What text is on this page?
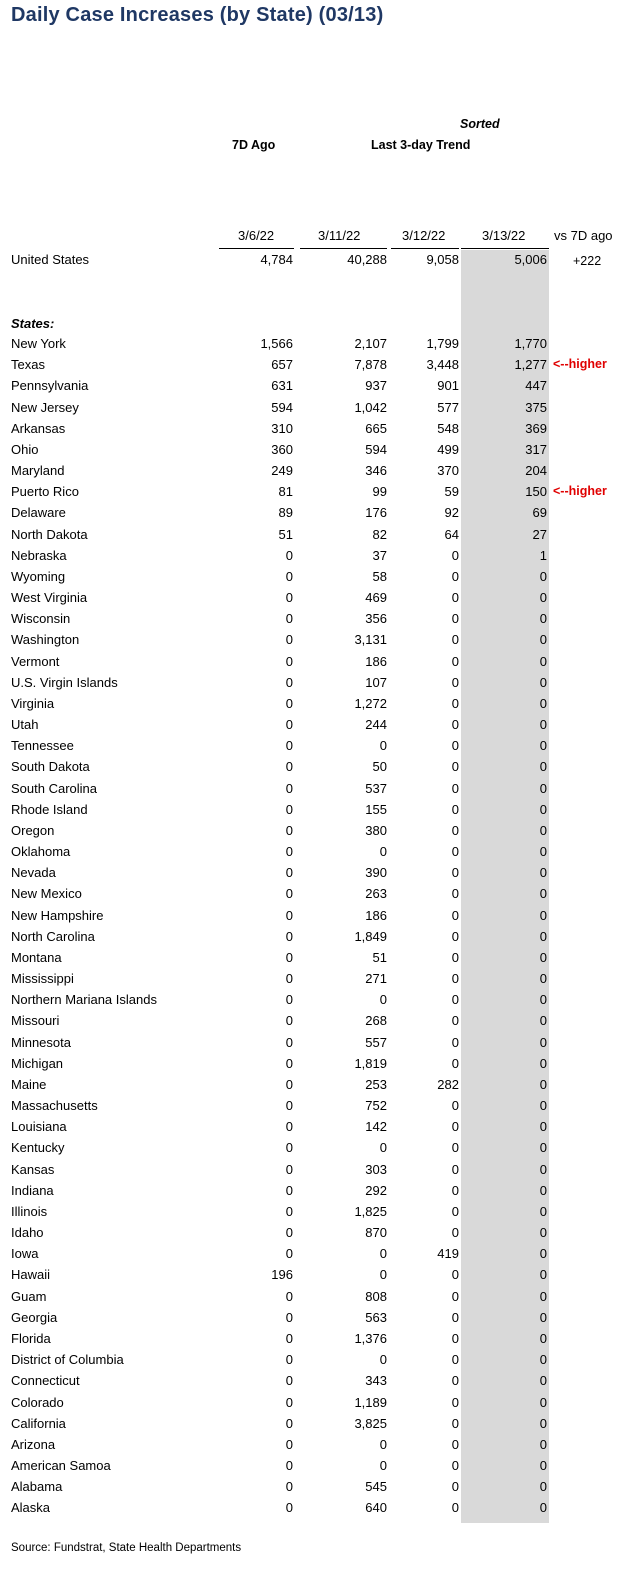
Daily Case Increases (by State) (03/13)
Sorted
7D Ago	Last 3-day Trend
3/6/22	3/11/22	3/12/22	3/13/22 vs 7D ago
United States	4,784	40,288	9,058	5,006 +222
States:
New York	1,566	2,107	1,799	1,770
Texas	657	7,878	3,448	1,277 <--higher
Pennsylvania	631	937	901	447
New Jersey	594	1,042	577	375
Arkansas	310	665	548	369
Ohio	360	594	499	317
Maryland	249	346	370	204
Puerto Rico	81	99	59	150 <--higher
Delaware	89	176	92	69
North Dakota	51	82	64	27
Nebraska	0	37	0	1
Wyoming	0	58	0	0
West Virginia	0	469	0	0
Wisconsin	0	356	0	0
Washington	0	3,131	0	0
Vermont	0	186	0	0
U.S. Virgin Islands	0	107	0	0
Virginia	0	1,272	0	0
Utah	0	244	0	0
Tennessee	0	0	0	0
South Dakota	0	50	0	0
South Carolina	0	537	0	0
Rhode Island	0	155	0	0
Oregon	0	380	0	0
Oklahoma	0	0	0	0
Nevada	0	390	0	0
New Mexico	0	263	0	0
New Hampshire	0	186	0	0
North Carolina	0	1,849	0	0
Montana	0	51	0	0
Mississippi	0	271	0	0
Northern Mariana Islands	0	0	0	0
Missouri	0	268	0	0
Minnesota	0	557	0	0
Michigan	0	1,819	0	0
Maine	0	253	282	0
Massachusetts	0	752	0	0
Louisiana	0	142	0	0
Kentucky	0	0	0	0
Kansas	0	303	0	0
Indiana	0	292	0	0
Illinois	0	1,825	0	0
Idaho	0	870	0	0
Iowa	0	0	419	0
Hawaii	196	0	0	0
Guam	0	808	0	0
Georgia	0	563	0	0
Florida	0	1,376	0	0
District of Columbia	0	0	0	0
Connecticut	0	343	0	0
Colorado	0	1,189	0	0
California	0	3,825	0	0
Arizona	0	0	0	0
American Samoa	0	0	0	0
Alabama	0	545	0	0
Alaska	0	640	0	0
Source: Fundstrat, State Health Departments
